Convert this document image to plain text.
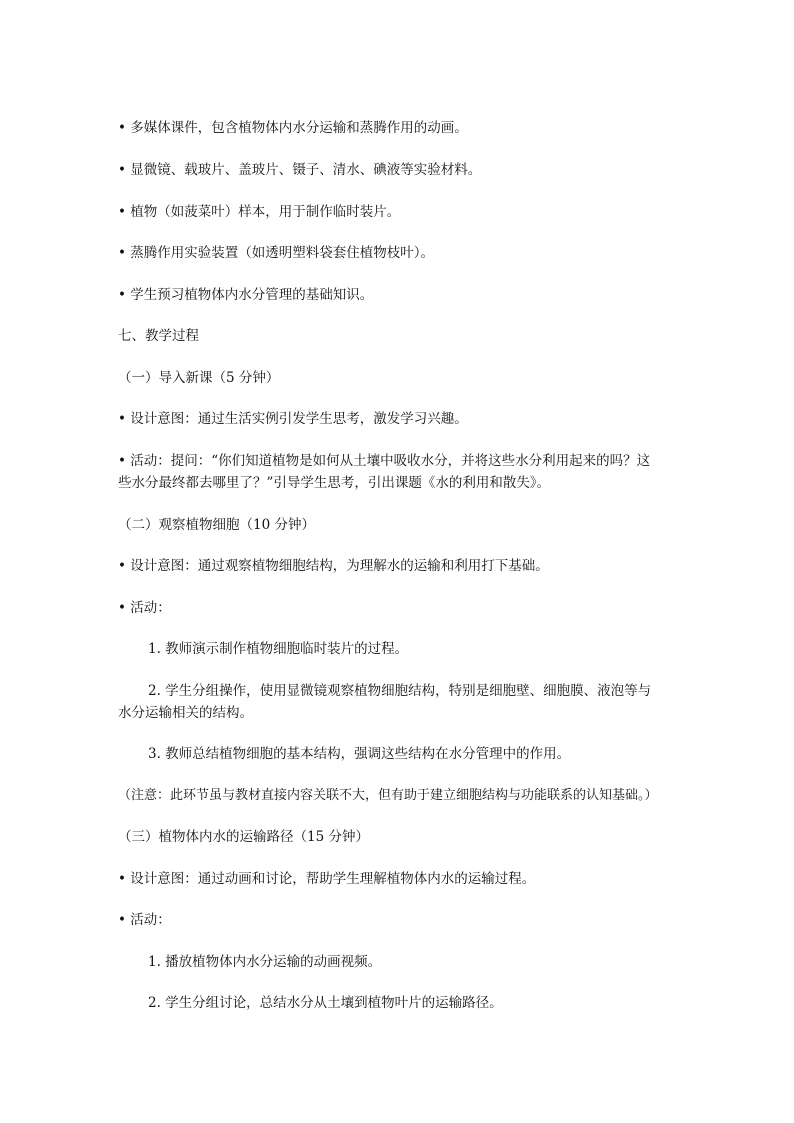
• 多媒体课件，包含植物体内水分运输和蒸腾作用的动画。
• 显微镜、载玻片、盖玻片、镊子、清水、碘液等实验材料。
• 植物（如菠菜叶）样本，用于制作临时装片。
• 蒸腾作用实验装置（如透明塑料袋套住植物枝叶）。
• 学生预习植物体内水分管理的基础知识。
七、教学过程
（一）导入新课（5 分钟）
• 设计意图：通过生活实例引发学生思考，激发学习兴趣。
• 活动：提问：“你们知道植物是如何从土壤中吸收水分，并将这些水分利用起来的吗？这
些水分最终都去哪里了？”引导学生思考，引出课题《水的利用和散失》。
（二）观察植物细胞（10 分钟）
• 设计意图：通过观察植物细胞结构，为理解水的运输和利用打下基础。
• 活动：
1. 教师演示制作植物细胞临时装片的过程。
2. 学生分组操作，使用显微镜观察植物细胞结构，特别是细胞壁、细胞膜、液泡等与
水分运输相关的结构。
3. 教师总结植物细胞的基本结构，强调这些结构在水分管理中的作用。
（注意：此环节虽与教材直接内容关联不大，但有助于建立细胞结构与功能联系的认知基础。）
（三）植物体内水的运输路径（15 分钟）
• 设计意图：通过动画和讨论，帮助学生理解植物体内水的运输过程。
• 活动：
1. 播放植物体内水分运输的动画视频。
2. 学生分组讨论，总结水分从土壤到植物叶片的运输路径。
